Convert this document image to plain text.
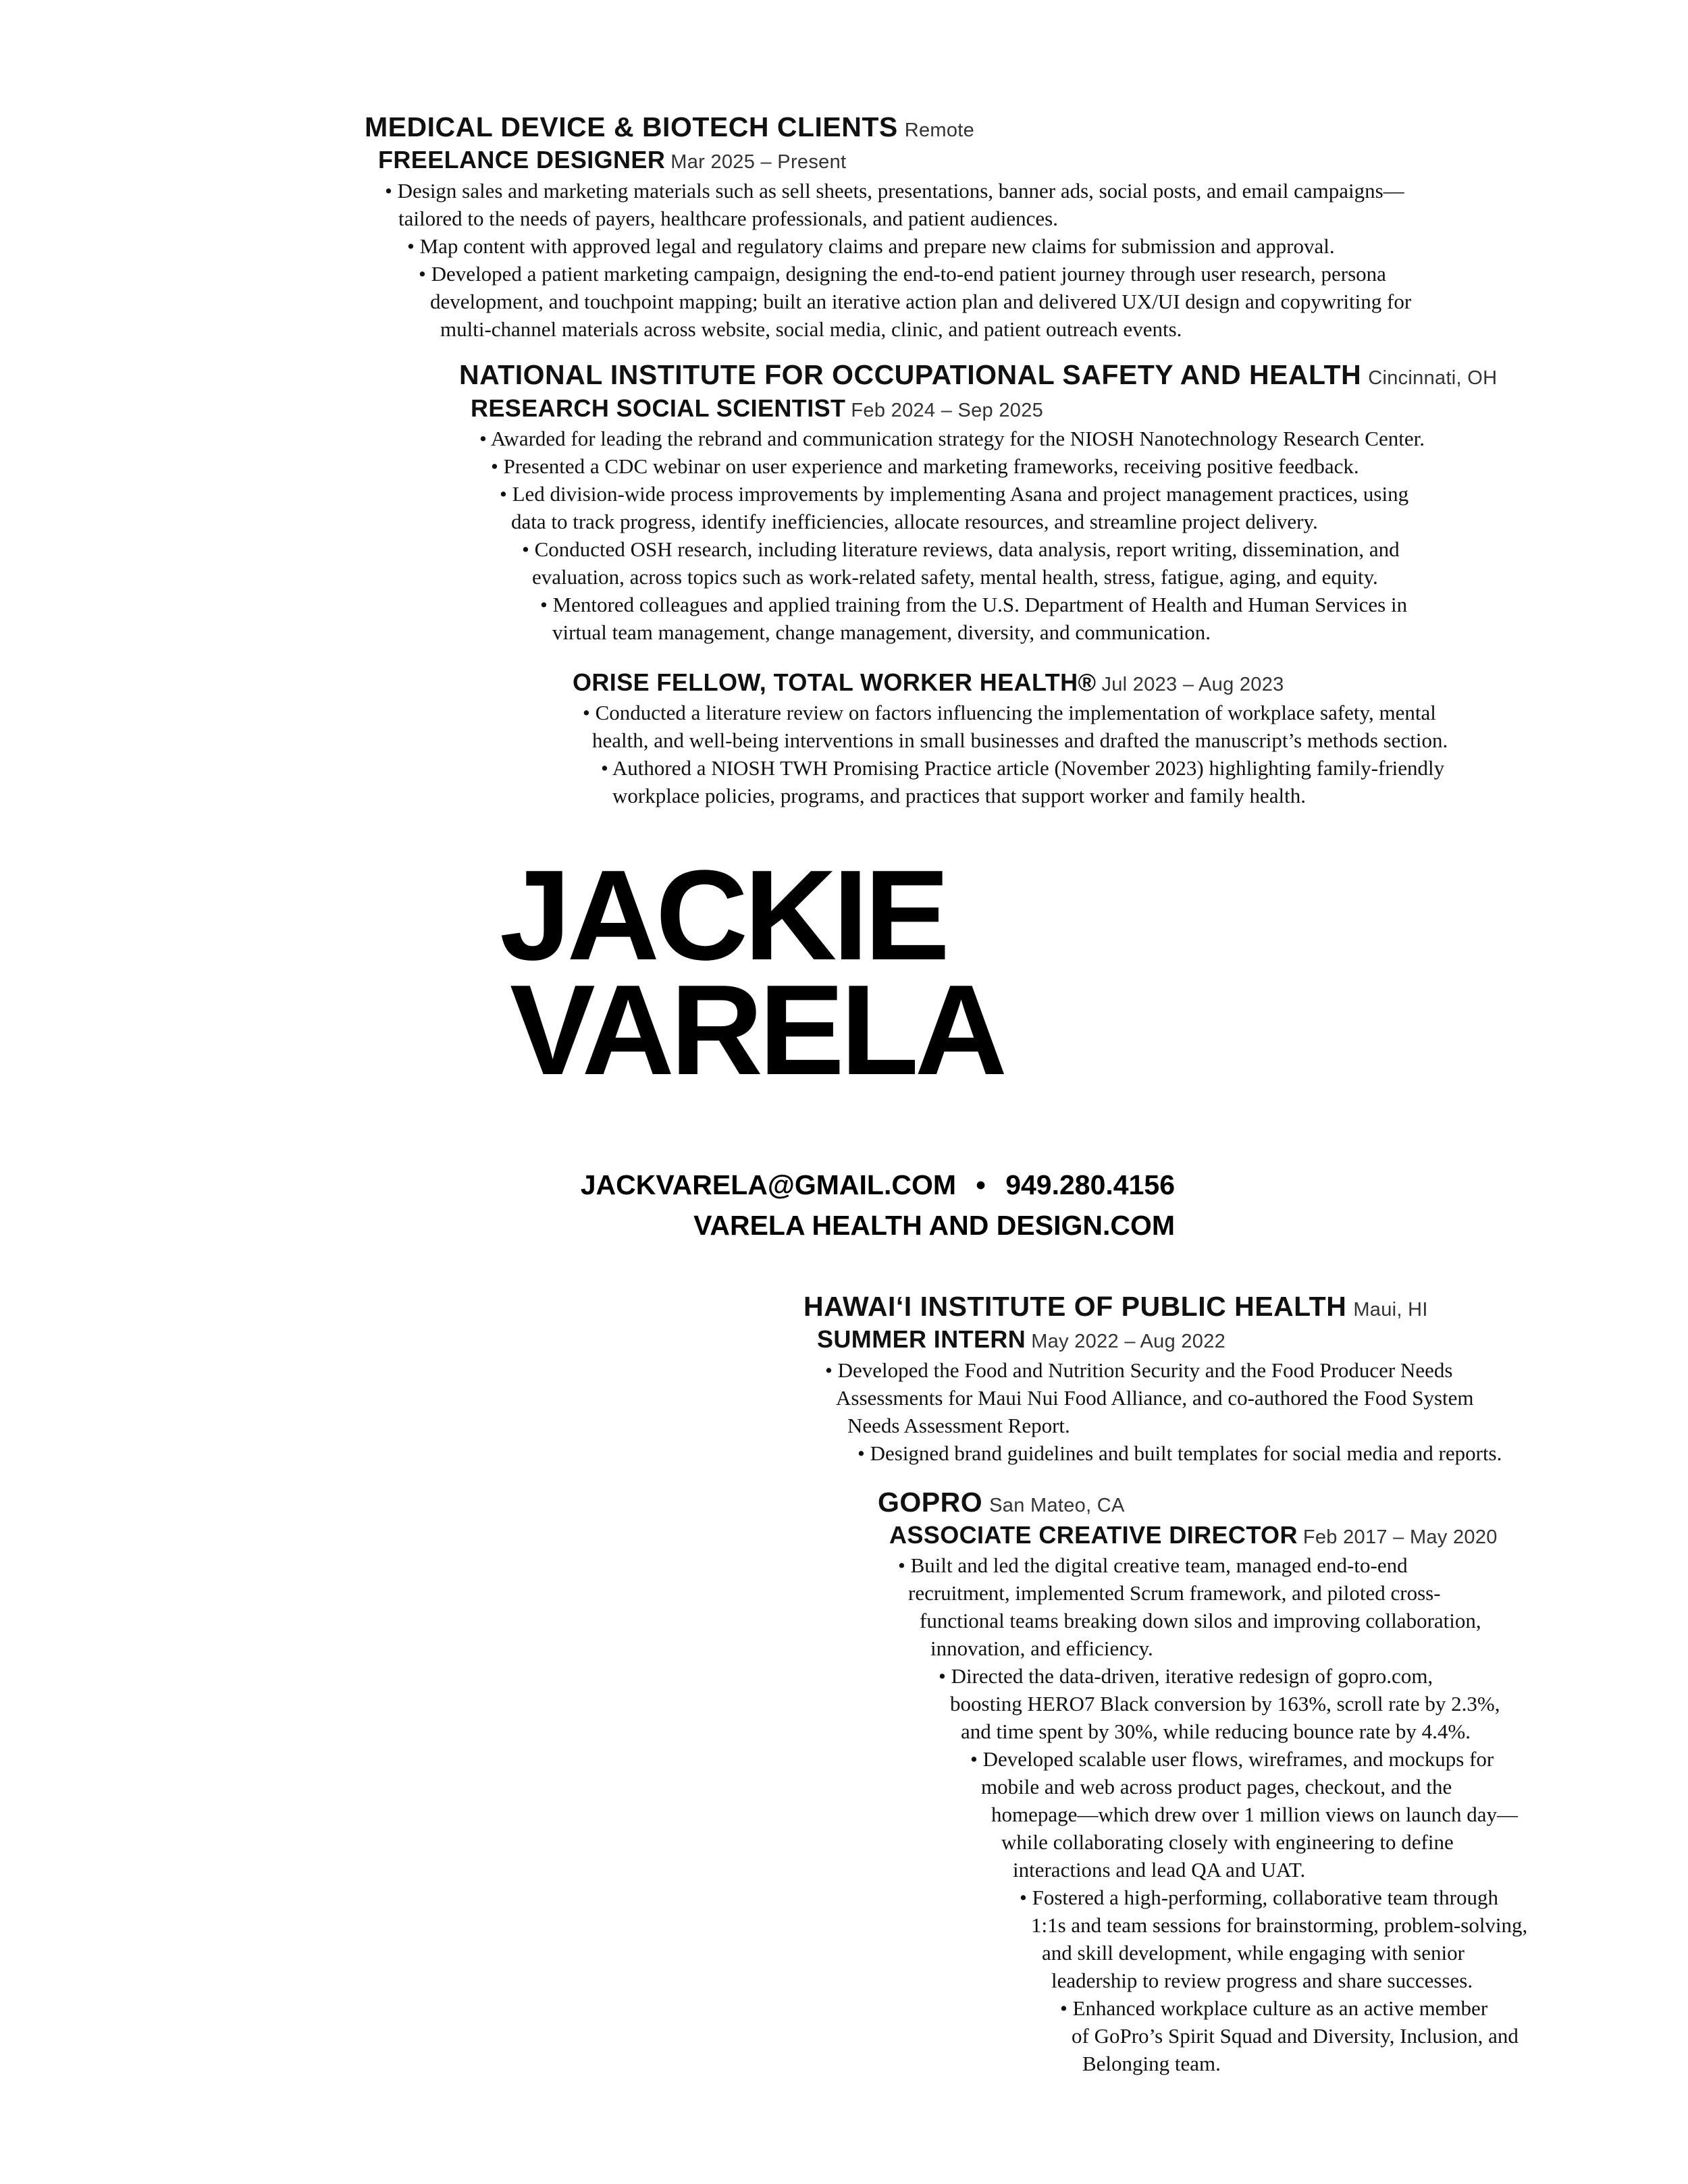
MEDICAL DEVICE & BIOTECH CLIENTS Remote
FREELANCE DESIGNER Mar 2025 – Present
• Design sales and marketing materials such as sell sheets, presentations, banner ads, social posts, and email campaigns—
tailored to the needs of payers, healthcare professionals, and patient audiences.
• Map content with approved legal and regulatory claims and prepare new claims for submission and approval.
• Developed a patient marketing campaign, designing the end-to-end patient journey through user research, persona
development, and touchpoint mapping; built an iterative action plan and delivered UX/UI design and copywriting for
multi-channel materials across website, social media, clinic, and patient outreach events.
NATIONAL INSTITUTE FOR OCCUPATIONAL SAFETY AND HEALTH Cincinnati, OH
RESEARCH SOCIAL SCIENTIST Feb 2024 – Sep 2025
• Awarded for leading the rebrand and communication strategy for the NIOSH Nanotechnology Research Center.
• Presented a CDC webinar on user experience and marketing frameworks, receiving positive feedback.
• Led division-wide process improvements by implementing Asana and project management practices, using
data to track progress, identify inefficiencies, allocate resources, and streamline project delivery.
• Conducted OSH research, including literature reviews, data analysis, report writing, dissemination, and
evaluation, across topics such as work-related safety, mental health, stress, fatigue, aging, and equity.
• Mentored colleagues and applied training from the U.S. Department of Health and Human Services in
virtual team management, change management, diversity, and communication.
ORISE FELLOW, TOTAL WORKER HEALTH® Jul 2023 – Aug 2023
• Conducted a literature review on factors influencing the implementation of workplace safety, mental
health, and well-being interventions in small businesses and drafted the manuscript’s methods section.
• Authored a NIOSH TWH Promising Practice article (November 2023) highlighting family-friendly
workplace policies, programs, and practices that support worker and family health.
JACKIE
VARELA
JACKVARELA@GMAIL.COM • 949.280.4156
VARELA HEALTH AND DESIGN.COM
HAWAIʻI INSTITUTE OF PUBLIC HEALTH Maui, HI
SUMMER INTERN May 2022 – Aug 2022
• Developed the Food and Nutrition Security and the Food Producer Needs
Assessments for Maui Nui Food Alliance, and co-authored the Food System
Needs Assessment Report.
• Designed brand guidelines and built templates for social media and reports.
GOPRO San Mateo, CA
ASSOCIATE CREATIVE DIRECTOR Feb 2017 – May 2020
• Built and led the digital creative team, managed end-to-end
recruitment, implemented Scrum framework, and piloted cross-
functional teams breaking down silos and improving collaboration,
innovation, and efficiency.
• Directed the data-driven, iterative redesign of gopro.com,
boosting HERO7 Black conversion by 163%, scroll rate by 2.3%,
and time spent by 30%, while reducing bounce rate by 4.4%.
• Developed scalable user flows, wireframes, and mockups for
mobile and web across product pages, checkout, and the
homepage—which drew over 1 million views on launch day—
while collaborating closely with engineering to define
interactions and lead QA and UAT.
• Fostered a high-performing, collaborative team through
1:1s and team sessions for brainstorming, problem-solving,
and skill development, while engaging with senior
leadership to review progress and share successes.
• Enhanced workplace culture as an active member
of GoPro’s Spirit Squad and Diversity, Inclusion, and
Belonging team.
